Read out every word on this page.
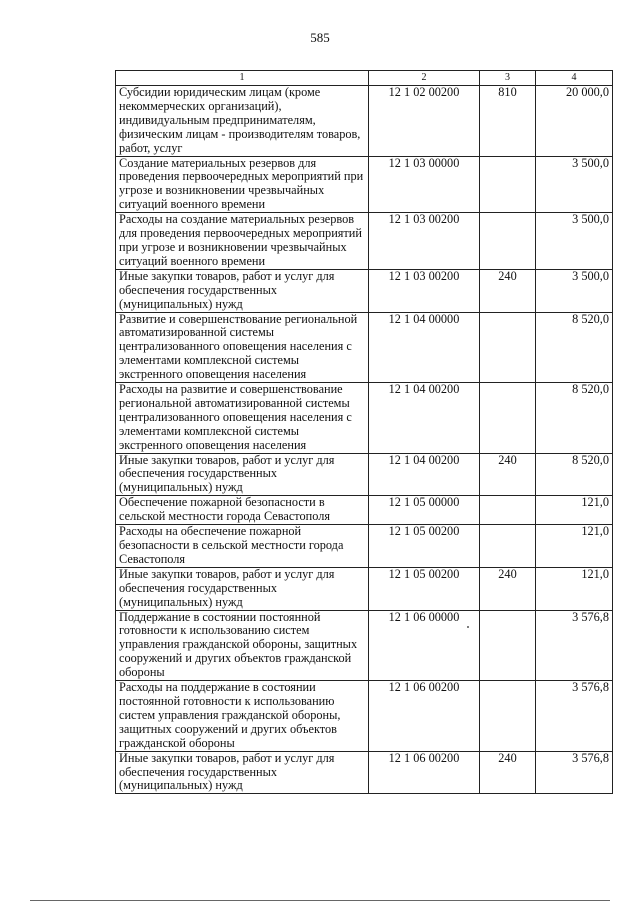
585
1	2	3	4
Субсидии юридическим лицам (кроме некоммерческих организаций), индивидуальным предпринимателям, физическим лицам - производителям товаров, работ, услуг	12 1 02 00200	810	20 000,0
Создание материальных резервов для проведения первоочередных мероприятий при угрозе и возникновении чрезвычайных ситуаций военного времени	12 1 03 00000		3 500,0
Расходы на создание материальных резервов для проведения первоочередных мероприятий при угрозе и возникновении чрезвычайных ситуаций военного времени	12 1 03 00200		3 500,0
Иные закупки товаров, работ и услуг для обеспечения государственных (муниципальных) нужд	12 1 03 00200	240	3 500,0
Развитие и совершенствование региональной автоматизированной системы централизованного оповещения населения с элементами комплексной системы экстренного оповещения населения	12 1 04 00000		8 520,0
Расходы на развитие и совершенствование региональной автоматизированной системы централизованного оповещения населения с элементами комплексной системы экстренного оповещения населения	12 1 04 00200		8 520,0
Иные закупки товаров, работ и услуг для обеспечения государственных (муниципальных) нужд	12 1 04 00200	240	8 520,0
Обеспечение пожарной безопасности в сельской местности города Севастополя	12 1 05 00000		121,0
Расходы на обеспечение пожарной безопасности в сельской местности города Севастополя	12 1 05 00200		121,0
Иные закупки товаров, работ и услуг для обеспечения государственных (муниципальных) нужд	12 1 05 00200	240	121,0
Поддержание в состоянии постоянной готовности к использованию систем управления гражданской обороны, защитных сооружений и других объектов гражданской обороны	12 1 06 00000		3 576,8
Расходы на поддержание в состоянии постоянной готовности к использованию систем управления гражданской обороны, защитных сооружений и других объектов гражданской обороны	12 1 06 00200		3 576,8
Иные закупки товаров, работ и услуг для обеспечения государственных (муниципальных) нужд	12 1 06 00200	240	3 576,8
